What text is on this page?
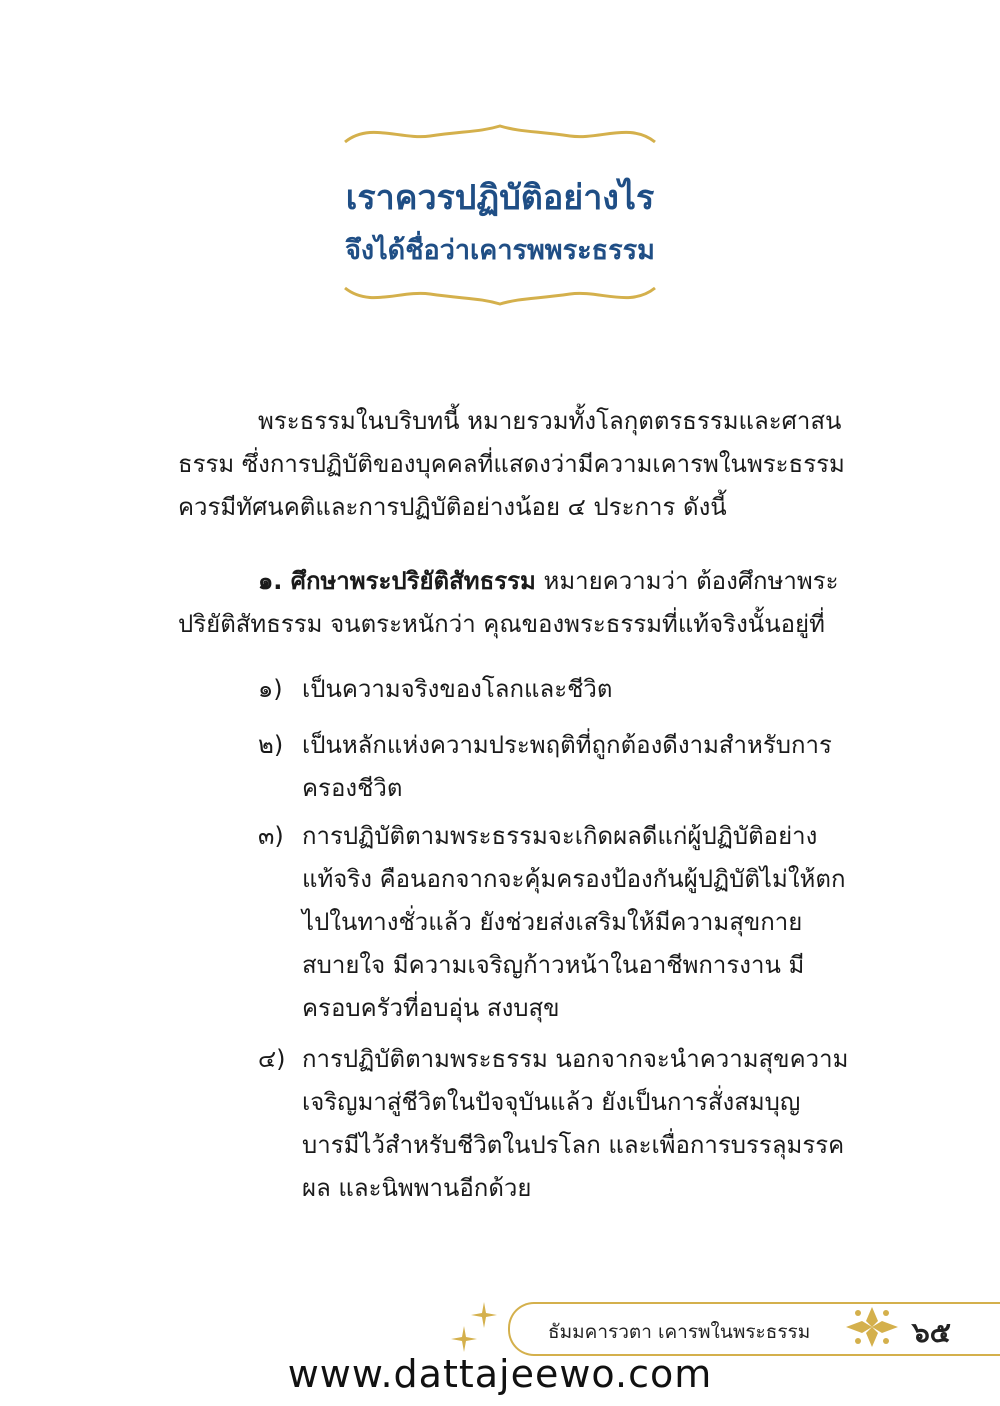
เราควรปฏิบัติอย่างไร
จึงได้ชื่อว่าเคารพพระธรรม
พระธรรมในบริบทนี้ หมายรวมทั้งโลกุตตรธรรมและศาสนธรรม ซึ่งการปฏิบัติของบุคคลที่แสดงว่ามีความเคารพในพระธรรม ควรมีทัศนคติและการปฏิบัติอย่างน้อย ๔ ประการ ดังนี้
๑. ศึกษาพระปริยัติสัทธรรม หมายความว่า ต้องศึกษาพระปริยัติสัทธรรม จนตระหนักว่า คุณของพระธรรมที่แท้จริงนั้นอยู่ที่
๑) เป็นความจริงของโลกและชีวิต
๒) เป็นหลักแห่งความประพฤติที่ถูกต้องดีงามสำหรับการครองชีวิต
๓) การปฏิบัติตามพระธรรมจะเกิดผลดีแก่ผู้ปฏิบัติอย่างแท้จริง คือนอกจากจะคุ้มครองป้องกันผู้ปฏิบัติไม่ให้ตกไปในทางชั่วแล้ว ยังช่วยส่งเสริมให้มีความสุขกายสบายใจ มีความเจริญก้าวหน้าในอาชีพการงาน มีครอบครัวที่อบอุ่น สงบสุข
๔) การปฏิบัติตามพระธรรม นอกจากจะนำความสุขความเจริญมาสู่ชีวิตในปัจจุบันแล้ว ยังเป็นการสั่งสมบุญบารมีไว้สำหรับชีวิตในปรโลก และเพื่อการบรรลุมรรค ผล และนิพพานอีกด้วย
ธัมมคารวตา เคารพในพระธรรม	๖๕
www.dattajeewo.com
